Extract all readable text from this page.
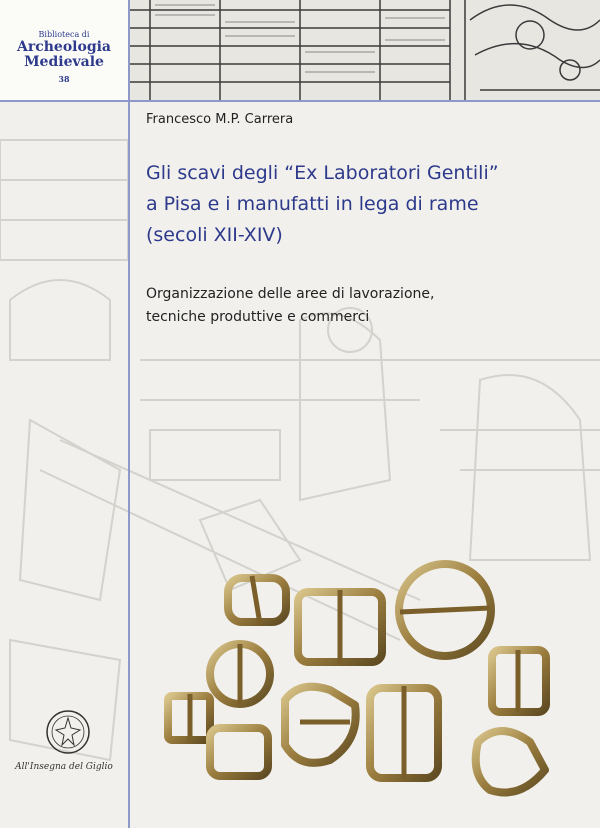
Biblioteca di
Archeologia
Medievale
38
Francesco M.P. Carrera
Gli scavi degli “Ex Laboratori Gentili”
a Pisa e i manufatti in lega di rame
(secoli XII-XIV)
Organizzazione delle aree di lavorazione,
tecniche produttive e commerci
All'Insegna del Giglio
